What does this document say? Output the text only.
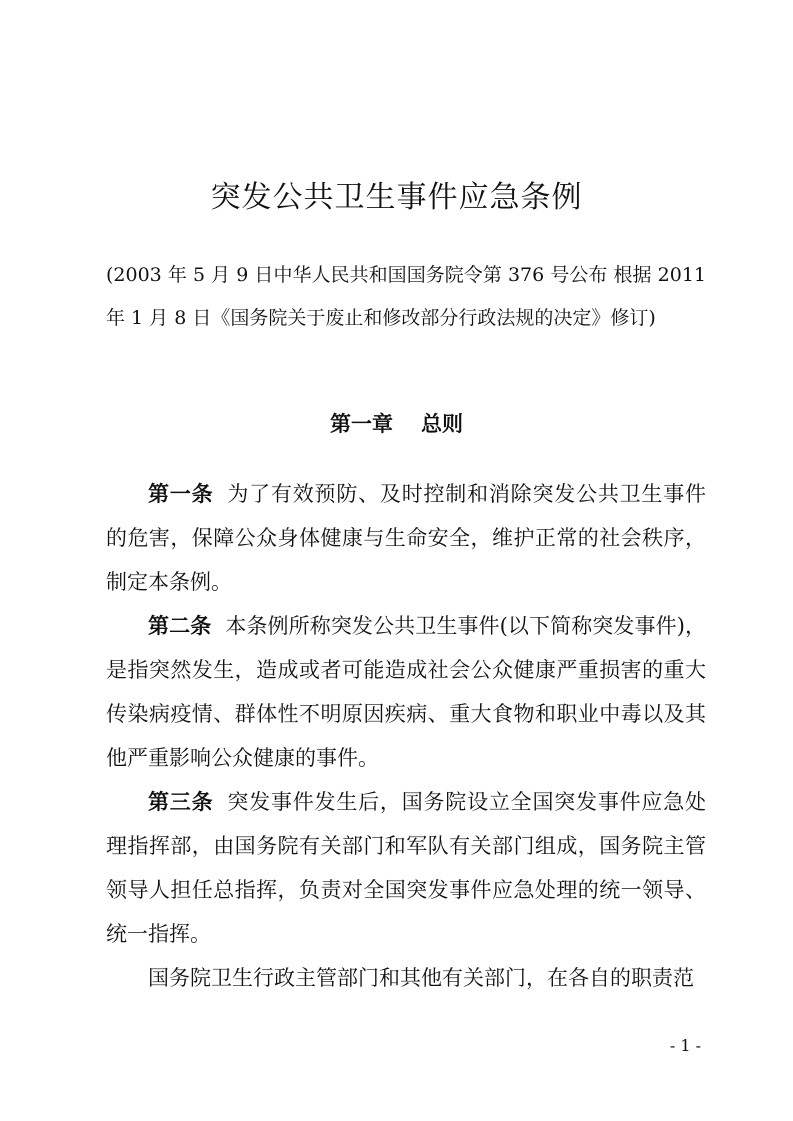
突发公共卫生事件应急条例
(2003 年 5 月 9 日中华人民共和国国务院令第 376 号公布 根据 2011 年 1 月 8 日《国务院关于废止和修改部分行政法规的决定》修订)
第一章 总则

第一条 为了有效预防、及时控制和消除突发公共卫生事件的危害，保障公众身体健康与生命安全，维护正常的社会秩序，制定本条例。

第二条 本条例所称突发公共卫生事件(以下简称突发事件)，是指突然发生，造成或者可能造成社会公众健康严重损害的重大传染病疫情、群体性不明原因疾病、重大食物和职业中毒以及其他严重影响公众健康的事件。

第三条 突发事件发生后，国务院设立全国突发事件应急处理指挥部，由国务院有关部门和军队有关部门组成，国务院主管领导人担任总指挥，负责对全国突发事件应急处理的统一领导、统一指挥。

国务院卫生行政主管部门和其他有关部门，在各自的职责范

- 1 -
